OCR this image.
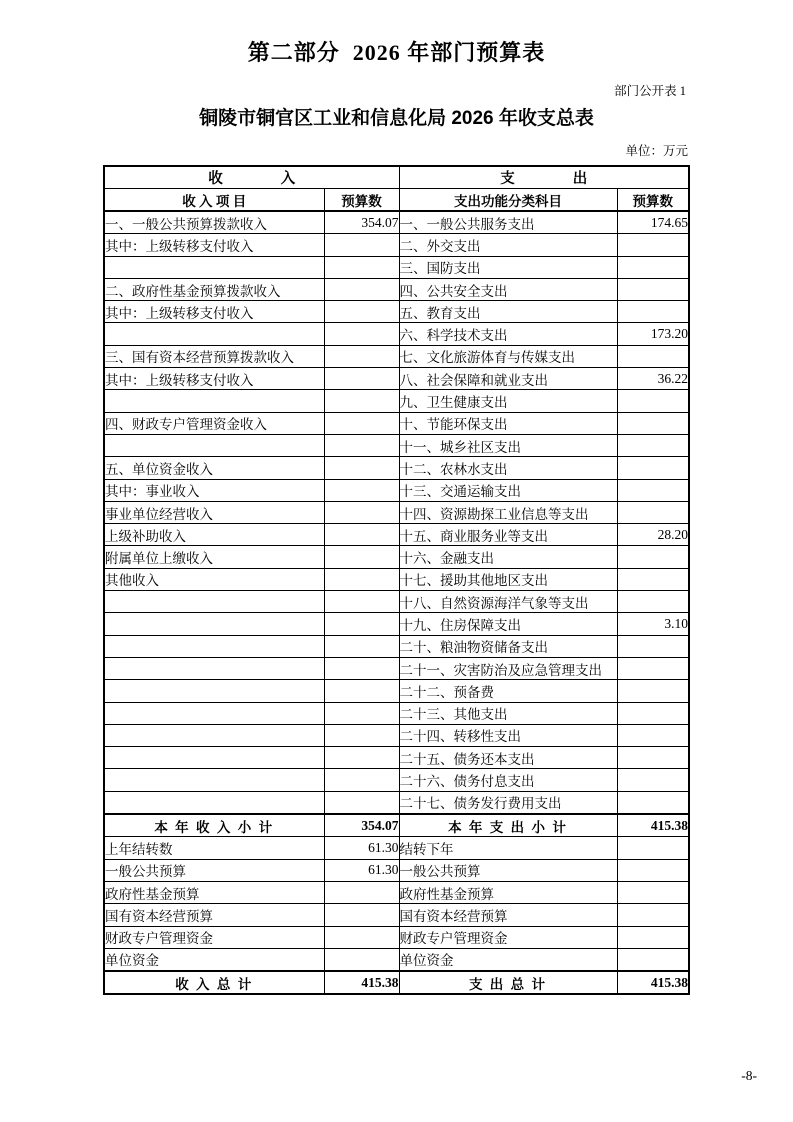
第二部分  2026 年部门预算表
部门公开表 1
铜陵市铜官区工业和信息化局 2026 年收支总表
单位：万元
收　　　　入		支　　　　出	
收 入 项 目	预算数	支出功能分类科目	预算数
一、一般公共预算拨款收入	354.07	一、一般公共服务支出	174.65
其中：上级转移支付收入		二、外交支出	
		三、国防支出	
二、政府性基金预算拨款收入		四、公共安全支出	
其中：上级转移支付收入		五、教育支出	
		六、科学技术支出	173.20
三、国有资本经营预算拨款收入		七、文化旅游体育与传媒支出	
其中：上级转移支付收入		八、社会保障和就业支出	36.22
		九、卫生健康支出	
四、财政专户管理资金收入		十、节能环保支出	
		十一、城乡社区支出	
五、单位资金收入		十二、农林水支出	
其中：事业收入		十三、交通运输支出	
事业单位经营收入		十四、资源勘探工业信息等支出	
上级补助收入		十五、商业服务业等支出	28.20
附属单位上缴收入		十六、金融支出	
其他收入		十七、援助其他地区支出	
		十八、自然资源海洋气象等支出	
		十九、住房保障支出	3.10
		二十、粮油物资储备支出	
		二十一、灾害防治及应急管理支出	
		二十二、预备费	
		二十三、其他支出	
		二十四、转移性支出	
		二十五、债务还本支出	
		二十六、债务付息支出	
		二十七、债务发行费用支出	
本 年 收 入 小 计	354.07	本 年 支 出 小 计	415.38
上年结转数	61.30	结转下年	
一般公共预算	61.30	一般公共预算	
政府性基金预算		政府性基金预算	
国有资本经营预算		国有资本经营预算	
财政专户管理资金		财政专户管理资金	
单位资金		单位资金	
收 入 总 计	415.38	支 出 总 计	415.38
-8-
